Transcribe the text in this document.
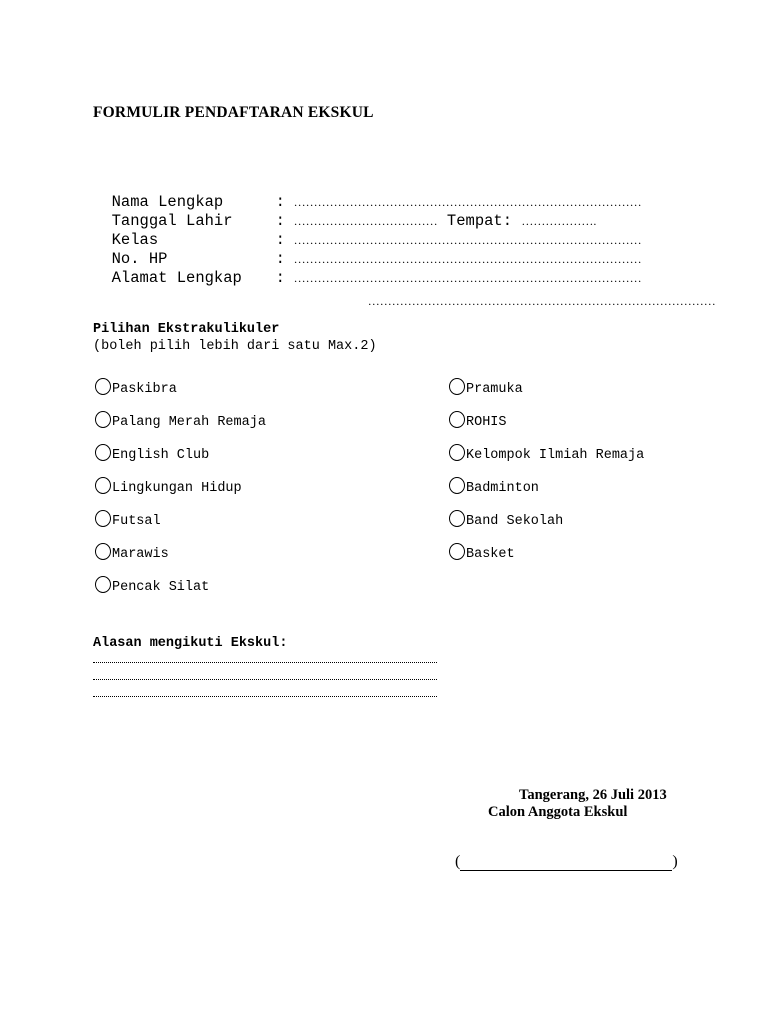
FORMULIR PENDAFTARAN EKSKUL

Nama Lengkap	: ……………………………………………………………………………

Tanggal Lahir	: ……………………………… Tempat: ……………….

Kelas	: ……………………………………………………………………………

No. HP	: ……………………………………………………………………………

Alamat Lengkap : ……………………………………………………………………………

……………………………………………………………………………

Pilihan Ekstrakulikuler
(boleh pilih lebih dari satu Max.2)
Paskibra
Palang Merah Remaja
English Club
Lingkungan Hidup
Futsal
Marawis
Pencak Silat
Pramuka
ROHIS
Kelompok Ilmiah Remaja
Badminton
Band Sekolah
Basket
Alasan mengikuti Ekskul:
Tangerang, 26 Juli 2013
Calon Anggota Ekskul
(	)
